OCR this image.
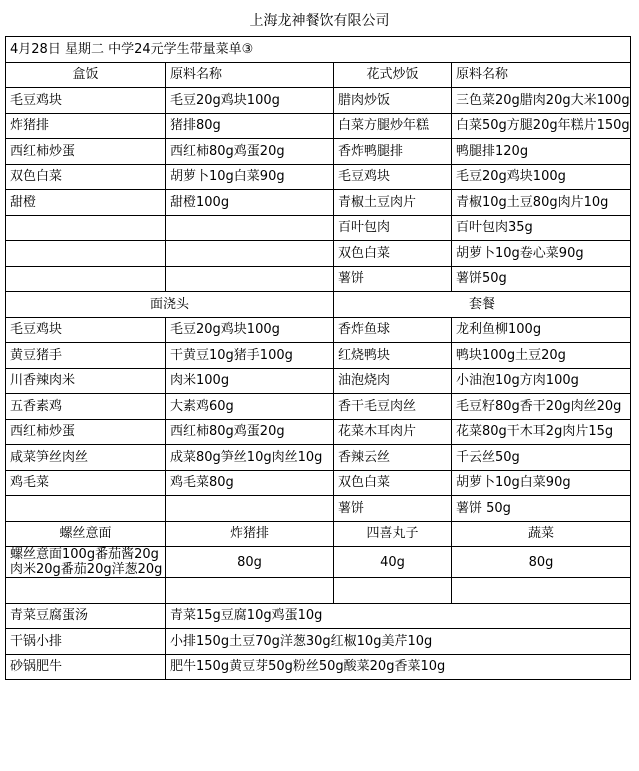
上海龙神餐饮有限公司
4月28日 星期二 中学24元学生带量菜单③			
盒饭	原料名称	花式炒饭	原料名称
毛豆鸡块	毛豆20g鸡块100g	腊肉炒饭	三色菜20g腊肉20g大米100g
炸猪排	猪排80g	白菜方腿炒年糕	白菜50g方腿20g年糕片150g
西红柿炒蛋	西红柿80g鸡蛋20g	香炸鸭腿排	鸭腿排120g
双色白菜	胡萝卜10g白菜90g	毛豆鸡块	毛豆20g鸡块100g
甜橙	甜橙100g	青椒土豆肉片	青椒10g土豆80g肉片10g
		百叶包肉	百叶包肉35g
		双色白菜	胡萝卜10g卷心菜90g
		薯饼	薯饼50g
面浇头		套餐	
毛豆鸡块	毛豆20g鸡块100g	香炸鱼球	龙利鱼柳100g
黄豆猪手	干黄豆10g猪手100g	红烧鸭块	鸭块100g土豆20g
川香辣肉米	肉米100g	油泡烧肉	小油泡10g方肉100g
五香素鸡	大素鸡60g	香干毛豆肉丝	毛豆籽80g香干20g肉丝20g
西红柿炒蛋	西红柿80g鸡蛋20g	花菜木耳肉片	花菜80g干木耳2g肉片15g
咸菜笋丝肉丝	成菜80g笋丝10g肉丝10g	香辣云丝	千云丝50g
鸡毛菜	鸡毛菜80g	双色白菜	胡萝卜10g白菜90g
		薯饼	薯饼 50g
螺丝意面	炸猪排	四喜丸子	蔬菜

螺丝意面100g番茄酱20g
肉米20g番茄20g洋葱20g	80g	40g	80g

青菜豆腐蛋汤	青菜15g豆腐10g鸡蛋10g		
干锅小排	小排150g土豆70g洋葱30g红椒10g美芹10g		
砂锅肥牛	肥牛150g黄豆芽50g粉丝50g酸菜20g香菜10g		
